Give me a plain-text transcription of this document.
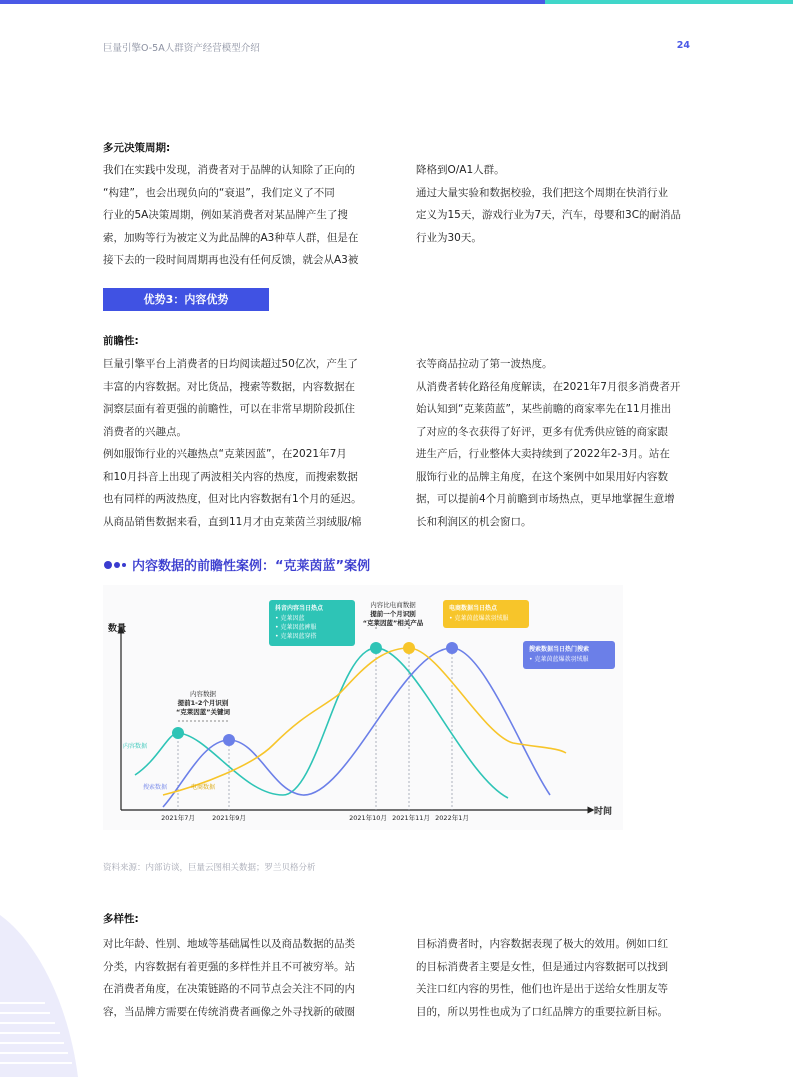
巨量引擎O-5A人群资产经营模型介绍	24
多元决策周期:

我们在实践中发现，消费者对于品牌的认知除了正向的

“构建”，也会出现负向的“衰退”，我们定义了不同

行业的5A决策周期，例如某消费者对某品牌产生了搜

索，加购等行为被定义为此品牌的A3种草人群，但是在

接下去的一段时间周期再也没有任何反馈，就会从A3被

降格到O/A1人群。

通过大量实验和数据校验，我们把这个周期在快消行业

定义为15天，游戏行业为7天，汽车，母婴和3C的耐消品

行业为30天。

优势3：内容优势
前瞻性:

巨量引擎平台上消费者的日均阅读超过50亿次，产生了

丰富的内容数据。对比货品，搜索等数据，内容数据在

洞察层面有着更强的前瞻性，可以在非常早期阶段抓住

消费者的兴趣点。

例如服饰行业的兴趣热点“克莱因蓝”，在2021年7月

和10月抖音上出现了两波相关内容的热度，而搜索数据

也有同样的两波热度，但对比内容数据有1个月的延迟。

从商品销售数据来看，直到11月才由克莱茵兰羽绒服/棉

衣等商品拉动了第一波热度。

从消费者转化路径角度解读，在2021年7月很多消费者开

始认知到“克莱茵蓝”，某些前瞻的商家率先在11月推出

了对应的冬衣获得了好评，更多有优秀供应链的商家跟

进生产后，行业整体大卖持续到了2022年2-3月。站在

服饰行业的品牌主角度，在这个案例中如果用好内容数

据，可以提前4个月前瞻到市场热点，更早地掌握生意增

长和利润区的机会窗口。

内容数据的前瞻性案例：“克莱茵蓝”案例
数量
时间
内容数据
搜索数据	电商数据
2021年7月	2021年9月	2021年10月 2021年11月 2022年1月
内容数据
提前1-2个月识别
“克莱因蓝”关键词
内容比电商数据
提前一个月识别
“克莱因蓝”相关产品
抖音内容当日热点
• 克莱因蓝
• 克莱因蓝裤服
• 克莱因蓝穿搭
电商数据当日热点
• 克莱茵蓝爆款羽绒服
搜索数据当日热门搜索
• 克莱茵蓝爆款羽绒服
资料来源：内部访谈，巨量云图相关数据；罗兰贝格分析
多样性:

对比年龄、性别、地域等基础属性以及商品数据的品类

分类，内容数据有着更强的多样性并且不可被穷举。站

在消费者角度，在决策链路的不同节点会关注不同的内

容，当品牌方需要在传统消费者画像之外寻找新的破圈

目标消费者时，内容数据表现了极大的效用。例如口红

的目标消费者主要是女性，但是通过内容数据可以找到

关注口红内容的男性，他们也许是出于送给女性朋友等

目的，所以男性也成为了口红品牌方的重要拉新目标。
